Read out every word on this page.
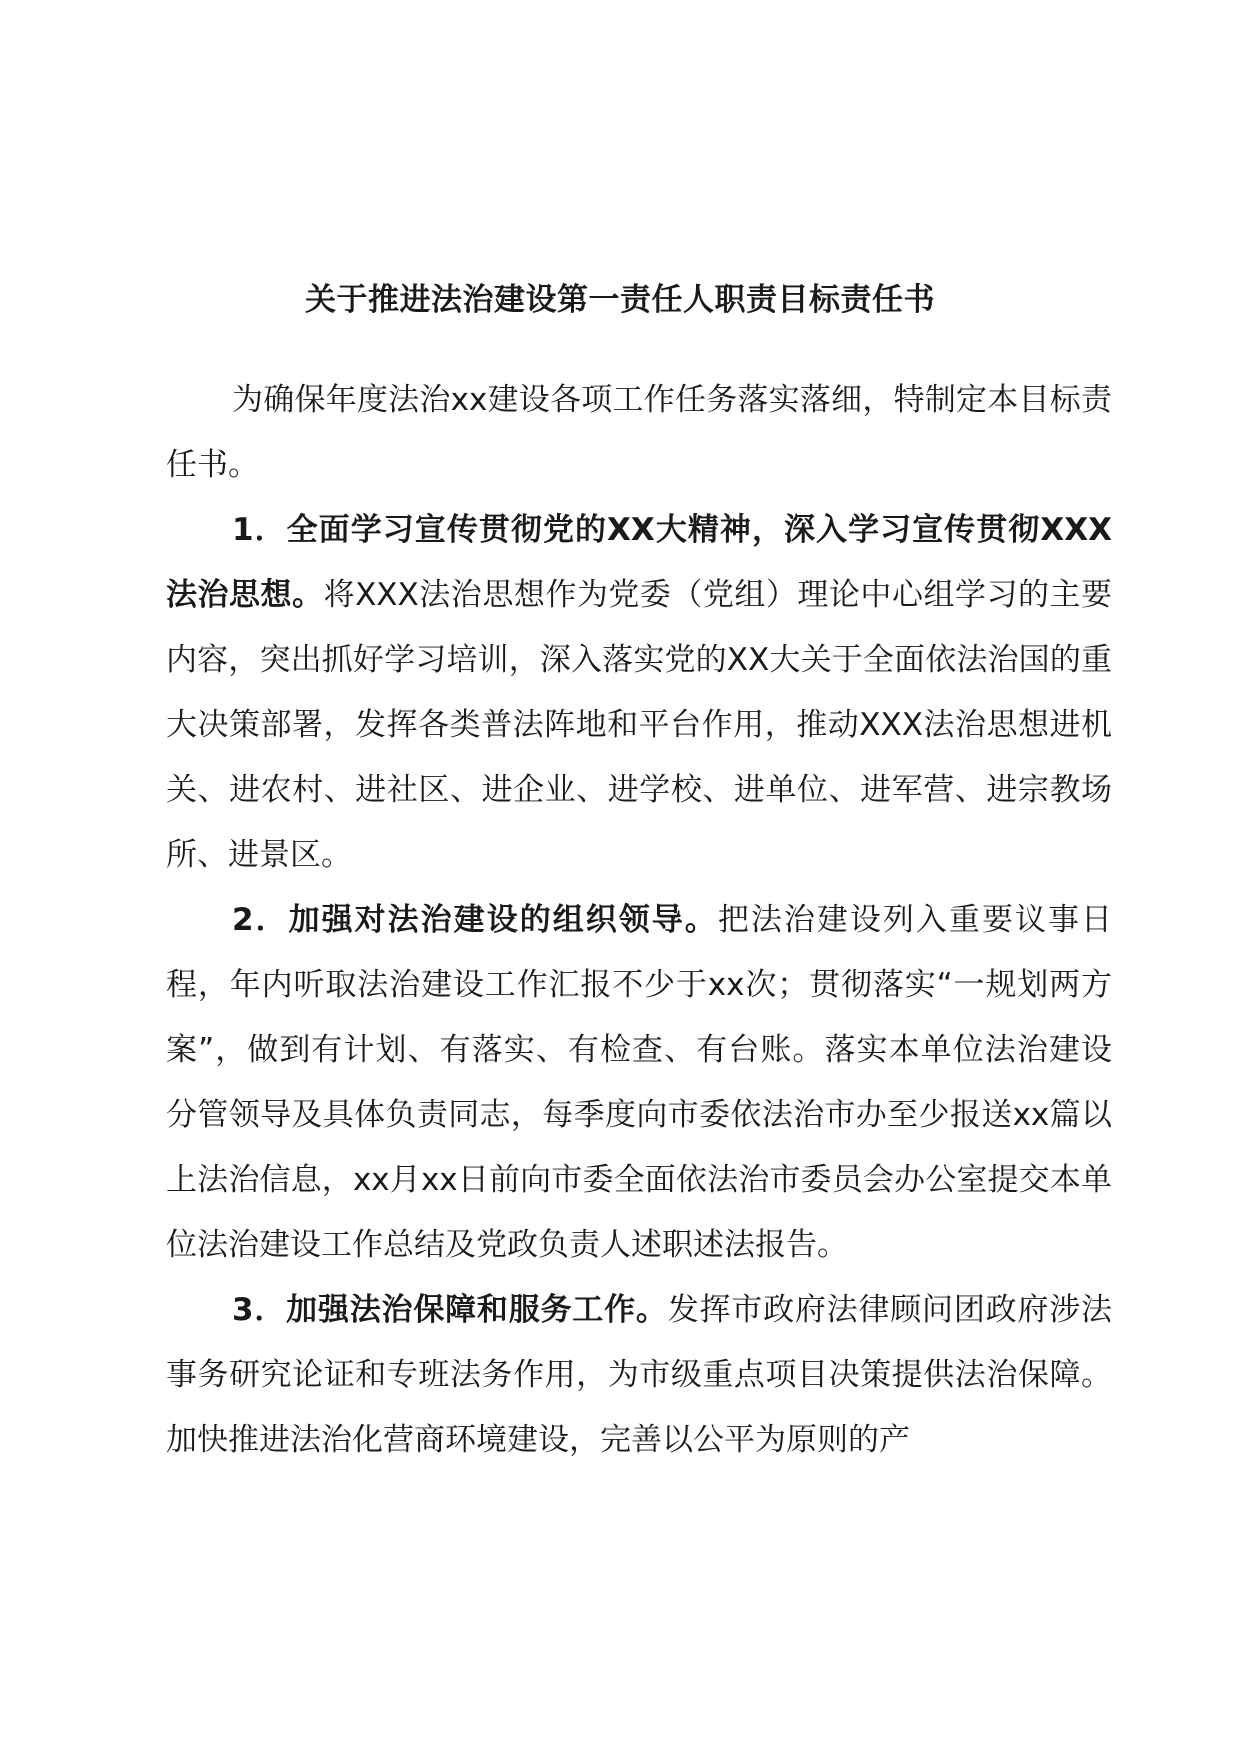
关于推进法治建设第一责任人职责目标责任书

为确保年度法治xx建设各项工作任务落实落细，特制定本目标责任书。

1．全面学习宣传贯彻党的XX大精神，深入学习宣传贯彻XXX法治思想。将XXX法治思想作为党委（党组）理论中心组学习的主要内容，突出抓好学习培训，深入落实党的XX大关于全面依法治国的重大决策部署，发挥各类普法阵地和平台作用，推动XXX法治思想进机关、进农村、进社区、进企业、进学校、进单位、进军营、进宗教场所、进景区。

2．加强对法治建设的组织领导。把法治建设列入重要议事日程，年内听取法治建设工作汇报不少于xx次；贯彻落实“一规划两方案”，做到有计划、有落实、有检查、有台账。落实本单位法治建设分管领导及具体负责同志，每季度向市委依法治市办至少报送xx篇以上法治信息，xx月xx日前向市委全面依法治市委员会办公室提交本单位法治建设工作总结及党政负责人述职述法报告。

3．加强法治保障和服务工作。发挥市政府法律顾问团政府涉法事务研究论证和专班法务作用，为市级重点项目决策提供法治保障。加快推进法治化营商环境建设，完善以公平为原则的产
